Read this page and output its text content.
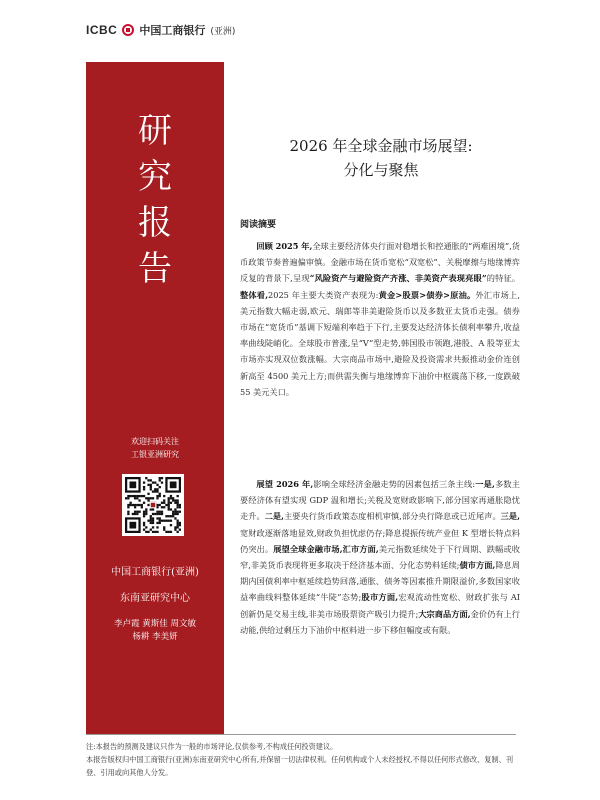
ICBC 中国工商银行 (亚洲)
研
究
报
告
欢迎扫码关注
工银亚洲研究
中国工商银行(亚洲)
东南亚研究中心
李卢霞 黄斯佳 周文敏
杨耕 李美妍
2026 年全球金融市场展望:
分化与聚焦
阅读摘要

回顾 2025 年,全球主要经济体央行面对稳增长和控通胀的“两难困境”,货币政策节奏普遍偏审慎。金融市场在货币宽松“双宽松”、关税摩擦与地缘博弈反复的背景下,呈现“风险资产与避险资产齐涨、非美资产表现亮眼”的特征。整体看,2025 年主要大类资产表现为:黄金>股票>债券>原油。外汇市场上,美元指数大幅走弱,欧元、瑞郎等非美避险货币以及多数亚太货币走强。债券市场在“宽货币”基调下短端利率趋于下行,主要发达经济体长债利率攀升,收益率曲线陡峭化。全球股市普涨,呈“V”型走势,韩国股市领跑,港股、A 股等亚太市场亦实现双位数涨幅。大宗商品市场中,避险及投资需求共振推动金价连创新高至 4500 美元上方;而供需失衡与地缘博弈下油价中枢震荡下移,一度跌破 55 美元关口。

展望 2026 年,影响全球经济金融走势的因素包括三条主线:一是,多数主要经济体有望实现 GDP 温和增长;关税及宽财政影响下,部分国家再通胀隐忧走升。二是,主要央行货币政策态度相机审慎,部分央行降息或已近尾声。三是,宽财政逐渐落地显效,财政负担忧虑仍存;降息提振传统产业但 K 型增长特点料仍突出。展望全球金融市场,汇市方面,美元指数延续处于下行周期、跌幅或收窄,非美货币表现将更多取决于经济基本面、分化态势料延续;债市方面,降息周期内国债利率中枢延续趋势回落,通胀、债务等因素推升期限溢价,多数国家收益率曲线料整体延续“牛陡”态势;股市方面,宏观流动性宽松、财政扩张与 AI 创新仍是交易主线,非美市场股票资产吸引力提升;大宗商品方面,金价仍有上行动能,供给过剩压力下油价中枢料进一步下移但幅度或有限。

注:本报告的预测及建议只作为一般的市场评论,仅供参考,不构成任何投资建议。

本报告版权归中国工商银行(亚洲)东南亚研究中心所有,并保留一切法律权利。任何机构或个人未经授权,不得以任何形式修改、复制、刊登、引用或向其他人分发。
